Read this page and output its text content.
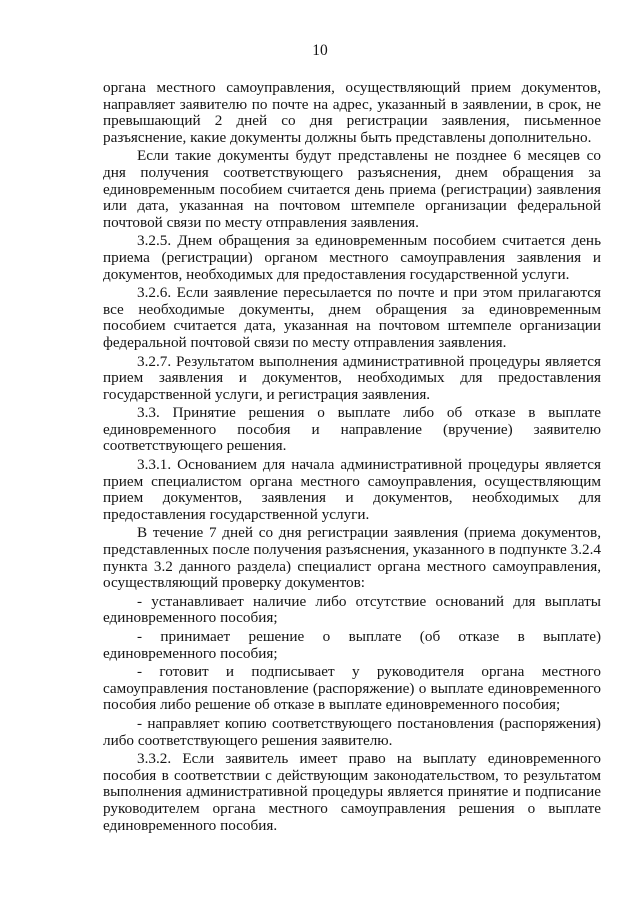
10

органа местного самоуправления, осуществляющий прием документов, направляет заявителю по почте на адрес, указанный в заявлении, в срок, не превышающий 2 дней со дня регистрации заявления, письменное разъяснение, какие документы должны быть представлены дополнительно.

Если такие документы будут представлены не позднее 6 месяцев со дня получения соответствующего разъяснения, днем обращения за единовременным пособием считается день приема (регистрации) заявления или дата, указанная на почтовом штемпеле организации федеральной почтовой связи по месту отправления заявления.

3.2.5. Днем обращения за единовременным пособием считается день приема (регистрации) органом местного самоуправления заявления и документов, необходимых для предоставления государственной услуги.

3.2.6. Если заявление пересылается по почте и при этом прилагаются все необходимые документы, днем обращения за единовременным пособием считается дата, указанная на почтовом штемпеле организации федеральной почтовой связи по месту отправления заявления.

3.2.7. Результатом выполнения административной процедуры является прием заявления и документов, необходимых для предоставления государственной услуги, и регистрация заявления.

3.3. Принятие решения о выплате либо об отказе в выплате единовременного пособия и направление (вручение) заявителю соответствующего решения.

3.3.1. Основанием для начала административной процедуры является прием специалистом органа местного самоуправления, осуществляющим прием документов, заявления и документов, необходимых для предоставления государственной услуги.

В течение 7 дней со дня регистрации заявления (приема документов, представленных после получения разъяснения, указанного в подпункте 3.2.4 пункта 3.2 данного раздела) специалист органа местного самоуправления, осуществляющий проверку документов:

- устанавливает наличие либо отсутствие оснований для выплаты единовременного пособия;

- принимает решение о выплате (об отказе в выплате) единовременного пособия;

- готовит и подписывает у руководителя органа местного самоуправления постановление (распоряжение) о выплате единовременного пособия либо решение об отказе в выплате единовременного пособия;

- направляет копию соответствующего постановления (распоряжения) либо соответствующего решения заявителю.

3.3.2. Если заявитель имеет право на выплату единовременного пособия в соответствии с действующим законодательством, то результатом выполнения административной процедуры является принятие и подписание руководителем органа местного самоуправления решения о выплате единовременного пособия.
